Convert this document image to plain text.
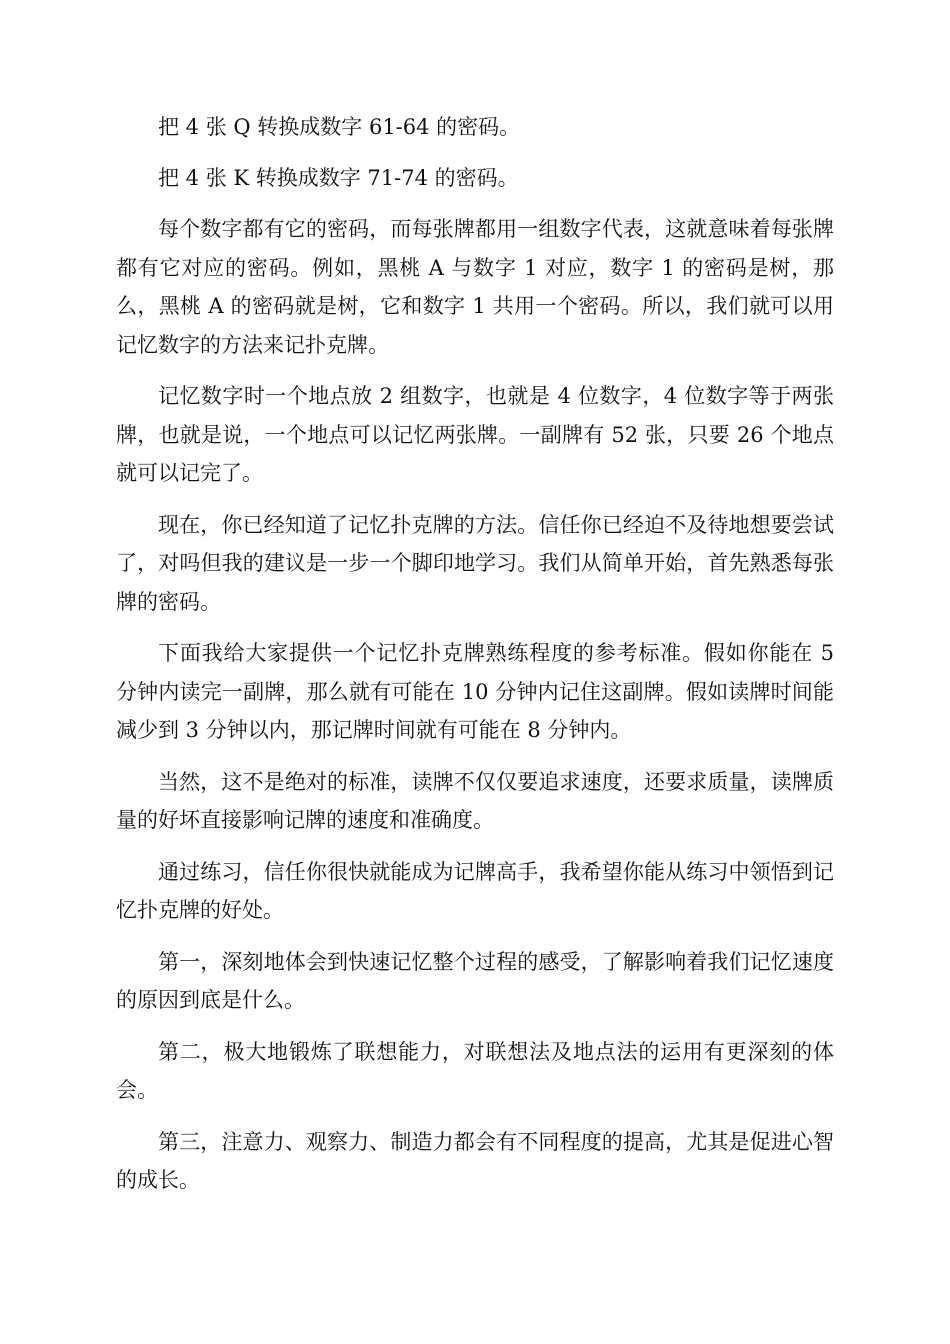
把 4 张 Q 转换成数字 61-64 的密码。

把 4 张 K 转换成数字 71-74 的密码。

每个数字都有它的密码，而每张牌都用一组数字代表，这就意味着每张牌都有它对应的密码。例如，黑桃 A 与数字 1 对应，数字 1 的密码是树，那么，黑桃 A 的密码就是树，它和数字 1 共用一个密码。所以，我们就可以用记忆数字的方法来记扑克牌。

记忆数字时一个地点放 2 组数字，也就是 4 位数字，4 位数字等于两张牌，也就是说，一个地点可以记忆两张牌。一副牌有 52 张，只要 26 个地点就可以记完了。

现在，你已经知道了记忆扑克牌的方法。信任你已经迫不及待地想要尝试了，对吗但我的建议是一步一个脚印地学习。我们从简单开始，首先熟悉每张牌的密码。

下面我给大家提供一个记忆扑克牌熟练程度的参考标准。假如你能在 5 分钟内读完一副牌，那么就有可能在 10 分钟内记住这副牌。假如读牌时间能减少到 3 分钟以内，那记牌时间就有可能在 8 分钟内。

当然，这不是绝对的标准，读牌不仅仅要追求速度，还要求质量，读牌质量的好坏直接影响记牌的速度和准确度。

通过练习，信任你很快就能成为记牌高手，我希望你能从练习中领悟到记忆扑克牌的好处。

第一，深刻地体会到快速记忆整个过程的感受，了解影响着我们记忆速度的原因到底是什么。

第二，极大地锻炼了联想能力，对联想法及地点法的运用有更深刻的体会。

第三，注意力、观察力、制造力都会有不同程度的提高，尤其是促进心智的成长。
